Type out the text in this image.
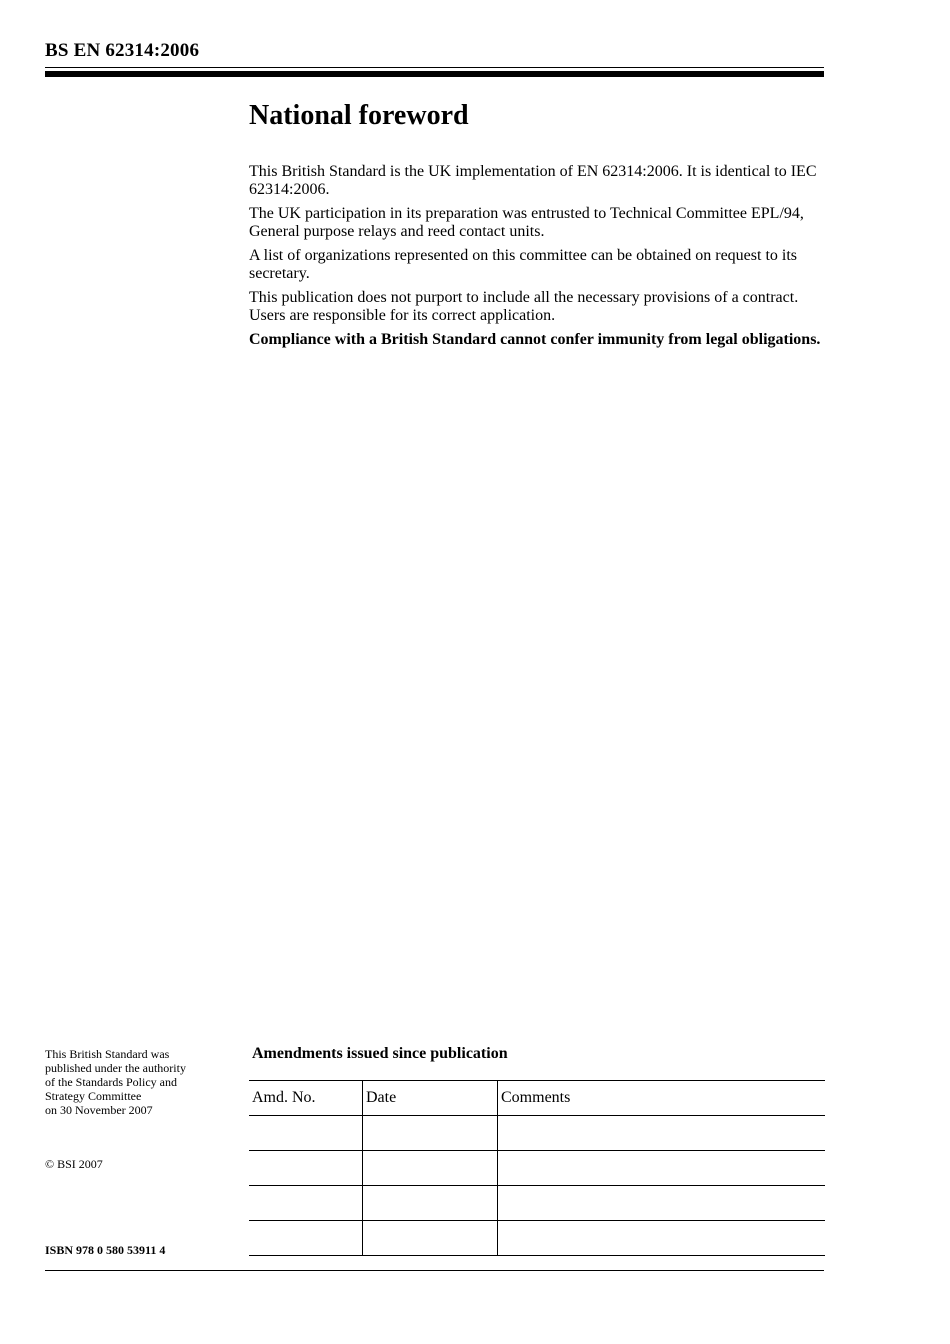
BS EN 62314:2006
National foreword

This British Standard is the UK implementation of EN 62314:2006. It is identical to IEC 62314:2006.

The UK participation in its preparation was entrusted to Technical Committee EPL/94, General purpose relays and reed contact units.

A list of organizations represented on this committee can be obtained on request to its secretary.

This publication does not purport to include all the necessary provisions of a contract. Users are responsible for its correct application.

Compliance with a British Standard cannot confer immunity from legal obligations.

This British Standard was
published under the authority
of the Standards Policy and
Strategy Committee
on 30 November 2007
© BSI 2007
ISBN 978 0 580 53911 4
Amendments issued since publication
Amd. No.	Date	Comments
